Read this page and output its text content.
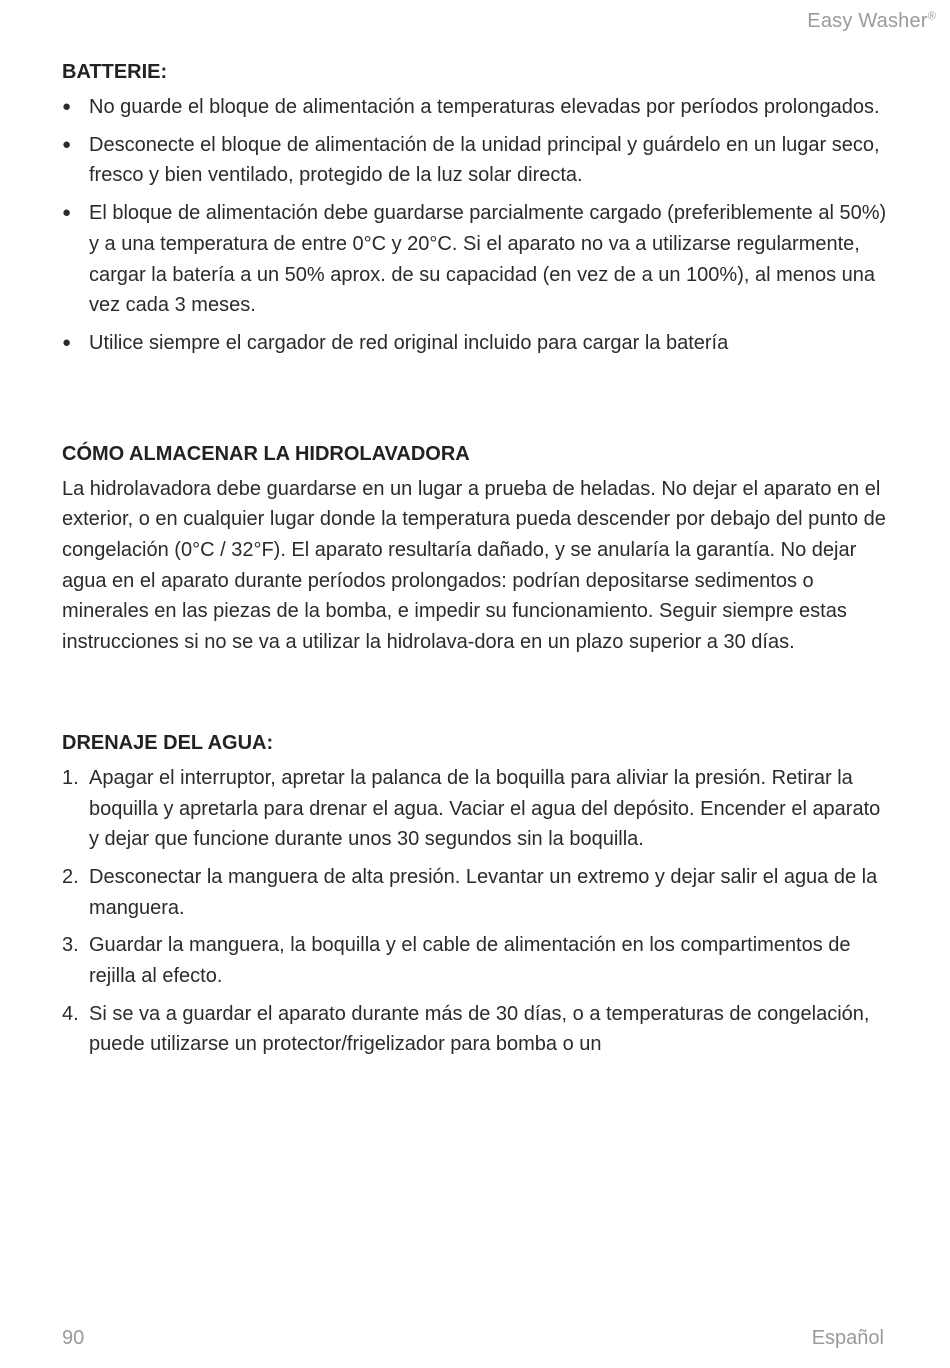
Easy Washer®
BATTERIE:
● No guarde el bloque de alimentación a temperaturas elevadas por períodos prolongados.
● Desconecte el bloque de alimentación de la unidad principal y guárdelo en un lugar seco, fresco y bien ventilado, protegido de la luz solar directa.
● El bloque de alimentación debe guardarse parcialmente cargado (preferiblemente al 50%) y a una temperatura de entre 0°C y 20°C. Si el aparato no va a utilizarse regularmente, cargar la batería a un 50% aprox. de su capacidad (en vez de a un 100%), al menos una vez cada 3 meses.
● Utilice siempre el cargador de red original incluido para cargar la batería
CÓMO ALMACENAR LA HIDROLAVADORA

La hidrolavadora debe guardarse en un lugar a prueba de heladas. No dejar el aparato en el exterior, o en cualquier lugar donde la temperatura pueda descender por debajo del punto de congelación (0°C / 32°F). El aparato resultaría dañado, y se anularía la garantía. No dejar agua en el aparato durante períodos prolongados: podrían depositarse sedimentos o minerales en las piezas de la bomba, e impedir su funcionamiento. Seguir siempre estas instrucciones si no se va a utilizar la hidrolava-dora en un plazo superior a 30 días.

DRENAJE DEL AGUA:
1. Apagar el interruptor, apretar la palanca de la boquilla para aliviar la presión. Retirar la boquilla y apretarla para drenar el agua. Vaciar el agua del depósito. Encender el aparato y dejar que funcione durante unos 30 segundos sin la boquilla.
2. Desconectar la manguera de alta presión. Levantar un extremo y dejar salir el agua de la manguera.
3. Guardar la manguera, la boquilla y el cable de alimentación en los compartimentos de rejilla al efecto.
4. Si se va a guardar el aparato durante más de 30 días, o a temperaturas de congelación, puede utilizarse un protector/frigelizador para bomba o un
90	Español
